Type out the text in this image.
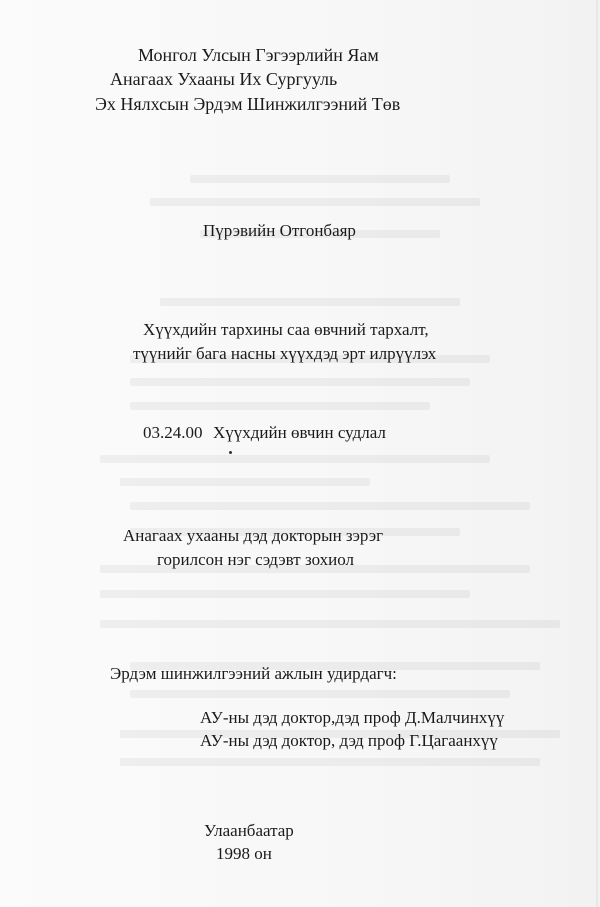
Монгол Улсын Гэгээрлийн Яам
Анагаах Ухааны Их Сургууль
Эх Нялхсын Эрдэм Шинжилгээний Төв
Пүрэвийн Отгонбаяр
Хүүхдийн тархины саа өвчний тархалт,
түүнийг бага насны хүүхдэд эрт илрүүлэх
03.24.00 Хүүхдийн өвчин судлал
Анагаах ухааны дэд докторын зэрэг
горилсон нэг сэдэвт зохиол
Эрдэм шинжилгээний ажлын удирдагч:
АУ-ны дэд доктор,дэд проф Д.Малчинхүү
АУ-ны дэд доктор, дэд проф Г.Цагаанхүү
Улаанбаатар
1998 он
